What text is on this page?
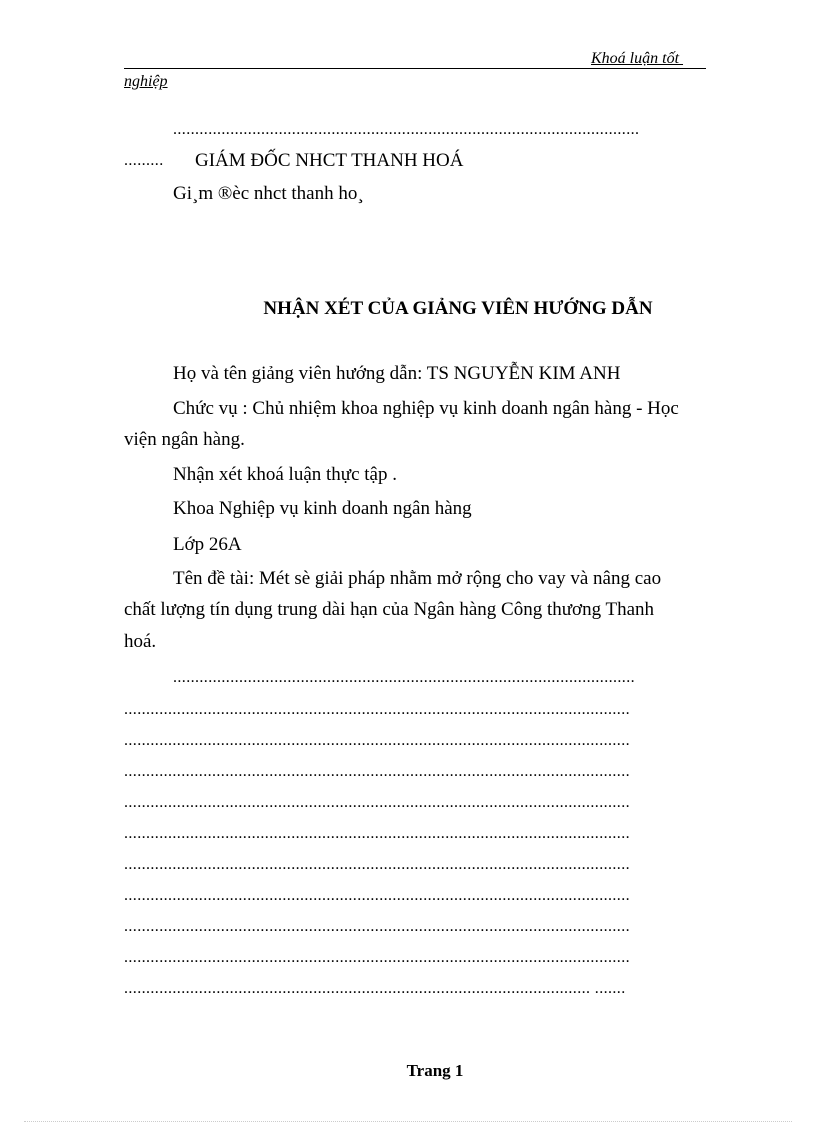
Khoá luận tốt
nghiệp
..........................................................................................................
.........	GIÁM ĐỐC NHCT THANH HOÁ
Gi¸m ®èc nhct thanh ho¸
NHẬN XÉT CỦA GIẢNG VIÊN HƯỚNG DẪN
Họ và tên giảng viên hướng dẫn: TS NGUYỄN KIM ANH
Chức vụ : Chủ nhiệm khoa nghiệp vụ kinh doanh ngân hàng - Học
viện ngân hàng.
Nhận xét khoá luận thực tập .
Khoa Nghiệp vụ kinh doanh ngân hàng
Lớp 26A
Tên đề tài: Mét sè giải pháp nhằm mở rộng cho vay và nâng cao
chất lượng tín dụng trung dài hạn của Ngân hàng Công thương Thanh
hoá.
.........................................................................................................
...................................................................................................................
...................................................................................................................
...................................................................................................................
...................................................................................................................
...................................................................................................................
...................................................................................................................
...................................................................................................................
...................................................................................................................
...................................................................................................................
.......................................................................................................... .......
Trang 1
